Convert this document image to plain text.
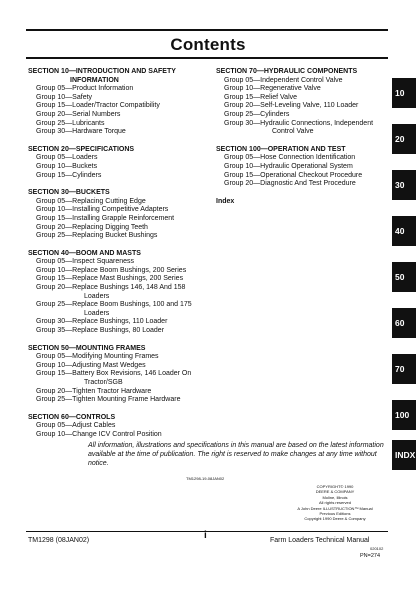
Contents
SECTION 10—INTRODUCTION AND SAFETY
INFORMATION
Group 05—Product Information
Group 10—Safety
Group 15—Loader/Tractor Compatibility
Group 20—Serial Numbers
Group 25—Lubricants
Group 30—Hardware Torque
SECTION 20—SPECIFICATIONS
Group 05—Loaders
Group 10—Buckets
Group 15—Cylinders
SECTION 30—BUCKETS
Group 05—Replacing Cutting Edge
Group 10—Installing Competitive Adapters
Group 15—Installing Grapple Reinforcement
Group 20—Replacing Digging Teeth
Group 25—Replacing Bucket Bushings
SECTION 40—BOOM AND MASTS
Group 05—Inspect Squareness
Group 10—Replace Boom Bushings, 200 Series
Group 15—Replace Mast Bushings, 200 Series
Group 20—Replace Bushings 146, 148 And 158
Loaders
Group 25—Replace Boom Bushings, 100 and 175
Loaders
Group 30—Replace Bushings, 110 Loader
Group 35—Replace Bushings, 80 Loader
SECTION 50—MOUNTING FRAMES
Group 05—Modifying Mounting Frames
Group 10—Adjusting Mast Wedges
Group 15—Battery Box Revisions, 146 Loader On
Tractor/SGB
Group 20—Tighten Tractor Hardware
Group 25—Tighten Mounting Frame Hardware
SECTION 60—CONTROLS
Group 05—Adjust Cables
Group 10—Change ICV Control Position
SECTION 70—HYDRAULIC COMPONENTS
Group 05—Independent Control Valve
Group 10—Regenerative Valve
Group 15—Relief Valve
Group 20—Self-Leveling Valve, 110 Loader
Group 25—Cylinders
Group 30—Hydraulic Connections, Independent
Control Valve
SECTION 100—OPERATION AND TEST
Group 05—Hose Connection Identification
Group 10—Hydraulic Operational System
Group 15—Operational Checkout Procedure
Group 20—Diagnostic And Test Procedure
Index
10
20
30
40
50
60
70
100
INDX
All information, illustrations and specifications in this manual are based on the latest information available at the time of publication. The right is reserved to make changes at any time without notice.
TM1298-19-08JAN02
COPYRIGHT© 1990
DEERE & COMPANY
Moline, Illinois
All rights reserved
A John Deere ILLUSTRUCTION™ Manual
Previous Editions
Copyright 1990 Deere & Company
TM1298 (08JAN02)	i	Farm Loaders Technical Manual
020102
PN=274
